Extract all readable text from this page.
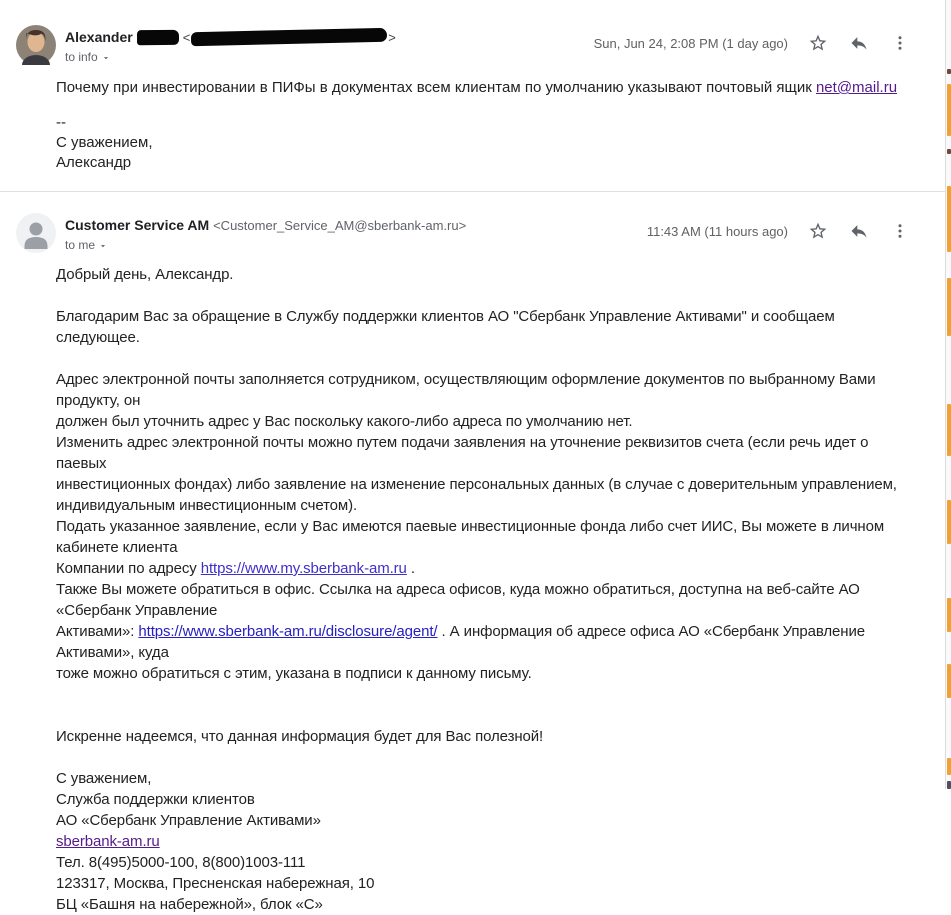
Alexander	<	>
to info
Sun, Jun 24, 2:08 PM (1 day ago)
Почему при инвестировании в ПИФы в документах всем клиентам по умолчанию указывают почтовый ящик net@mail.ru
--
С уважением,
Александр
Customer Service AM <Customer_Service_AM@sberbank-am.ru>
to me
11:43 AM (11 hours ago)
Добрый день, Александр.
Благодарим Вас за обращение в Службу поддержки клиентов АО "Сбербанк Управление Активами" и сообщаем следующее.
Адрес электронной почты заполняется сотрудником, осуществляющим оформление документов по выбранному Вами продукту, он
должен был уточнить адрес у Вас поскольку какого-либо адреса по умолчанию нет.
Изменить адрес электронной почты можно путем подачи заявления на уточнение реквизитов счета (если речь идет о паевых
инвестиционных фондах) либо заявление на изменение персональных данных (в случае с доверительным управлением,
индивидуальным инвестиционным счетом).
Подать указанное заявление, если у Вас имеются паевые инвестиционные фонда либо счет ИИС, Вы можете в личном кабинете клиента
Компании по адресу https://www.my.sberbank-am.ru .
Также Вы можете обратиться в офис. Ссылка на адреса офисов, куда можно обратиться, доступна на веб-сайте АО «Сбербанк Управление
Активами»: https://www.sberbank-am.ru/disclosure/agent/ . А информация об адресе офиса АО «Сбербанк Управление Активами», куда
тоже можно обратиться с этим, указана в подписи к данному письму.
Искренне надеемся, что данная информация будет для Вас полезной!
С уважением,
Служба поддержки клиентов
АО «Сбербанк Управление Активами»
sberbank-am.ru
Тел. 8(495)5000-100, 8(800)1003-111
123317, Москва, Пресненская набережная, 10
БЦ «Башня на набережной», блок «С»
